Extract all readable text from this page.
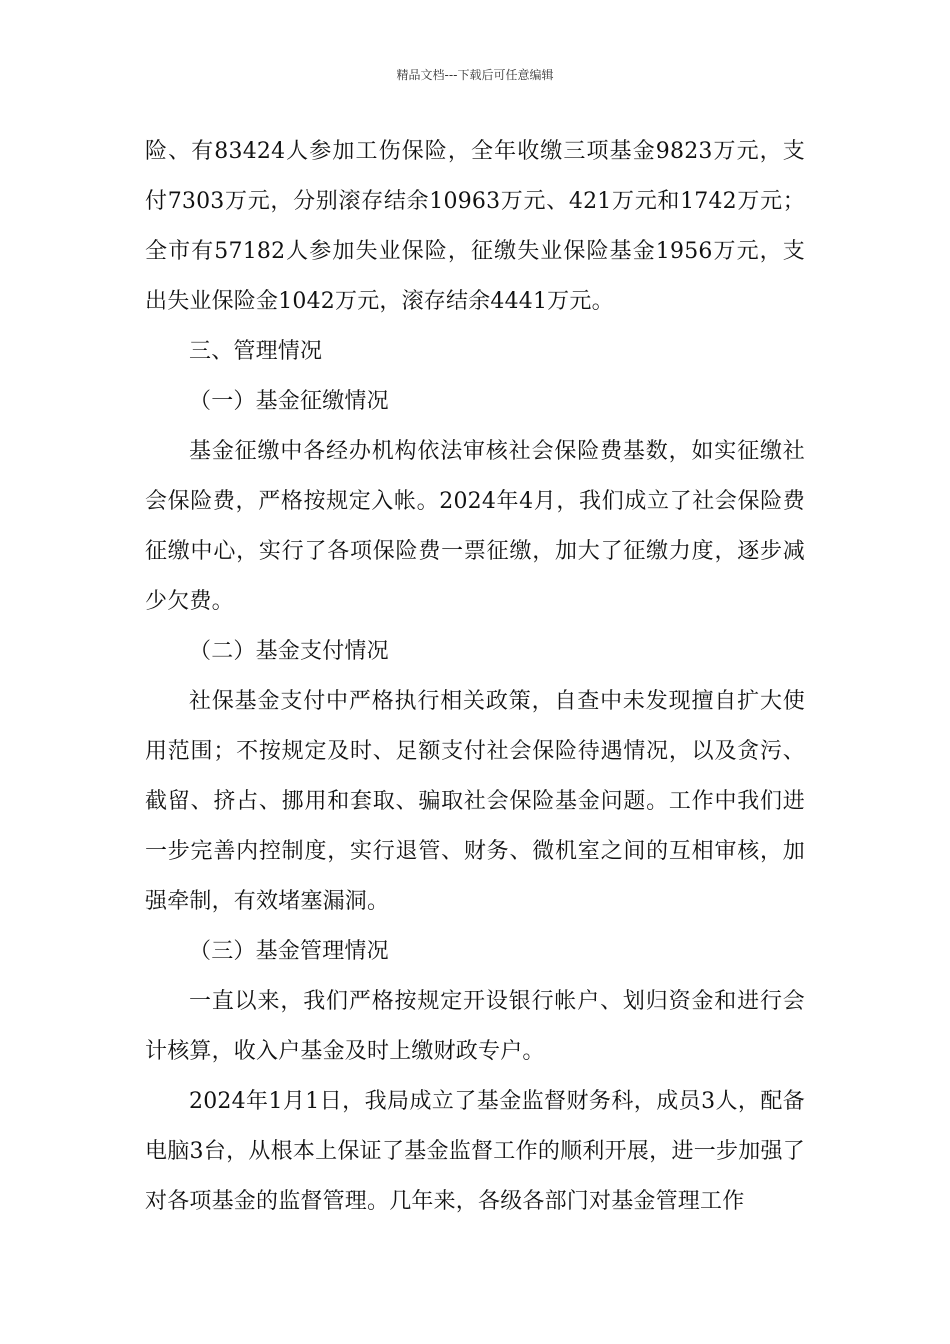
精品文档---下载后可任意编辑

险、有83424人参加工伤保险，全年收缴三项基金9823万元，支付7303万元，分别滚存结余10963万元、421万元和1742万元；全市有57182人参加失业保险，征缴失业保险基金1956万元，支出失业保险金1042万元，滚存结余4441万元。

三、管理情况

（一）基金征缴情况

基金征缴中各经办机构依法审核社会保险费基数，如实征缴社会保险费，严格按规定入帐。2024年4月，我们成立了社会保险费征缴中心，实行了各项保险费一票征缴，加大了征缴力度，逐步减少欠费。

（二）基金支付情况

社保基金支付中严格执行相关政策，自查中未发现擅自扩大使用范围；不按规定及时、足额支付社会保险待遇情况，以及贪污、截留、挤占、挪用和套取、骗取社会保险基金问题。工作中我们进一步完善内控制度，实行退管、财务、微机室之间的互相审核，加强牵制，有效堵塞漏洞。

（三）基金管理情况

一直以来，我们严格按规定开设银行帐户、划归资金和进行会计核算，收入户基金及时上缴财政专户。

2024年1月1日，我局成立了基金监督财务科，成员3人，配备电脑3台，从根本上保证了基金监督工作的顺利开展，进一步加强了对各项基金的监督管理。几年来，各级各部门对基金管理工作
